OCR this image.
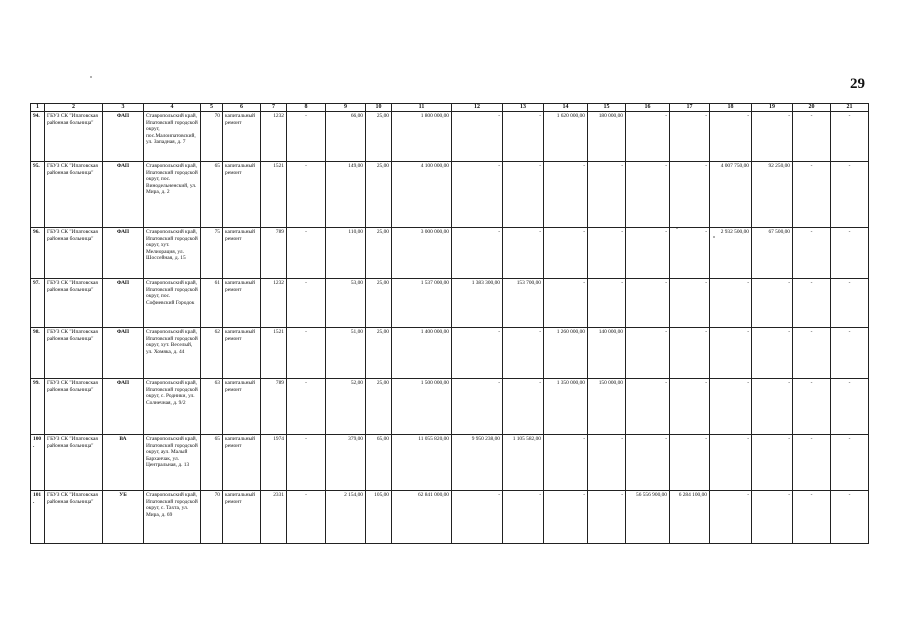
29
1	2	3	4	5	6	7	8	9	10	11	12	13	14	15	16	17	18	19	20	21
94.	ГБУЗ СК "Ипатовская районная больница"	ФАП	Ставропольский край, Ипатовский городской округ, пос.Малоипатовский, ул. Западная, д. 7	70	капитальный ремонт	1232	-	66,00	25,00	1 800 000,00	-	-	1 620 000,00	180 000,00	-	-	-	-	-	-
95.	ГБУЗ СК "Ипатовская районная больница"	ФАП	Ставропольский край, Ипатовский городской округ, пос. Винодельненский, ул. Мира, д. 2	65	капитальный ремонт	1521	-	149,00	25,00	4 100 000,00	-	-	-	-	-	-	4 007 750,00	92 250,00	-	-
96.	ГБУЗ СК "Ипатовская районная больница"	ФАП	Ставропольский край, Ипатовский городской округ, хут. Мелиорация, ул. Шоссейная, д. 15	75	капитальный ремонт	789	-	110,00	25,00	3 000 000,00	-	-	-	-	-	-	2 932 500,00	67 500,00	-	-
97.	ГБУЗ СК "Ипатовская районная больница"	ФАП	Ставропольский край, Ипатовский городской округ, пос. Софиевский Городок	61	капитальный ремонт	1232	-	53,00	25,00	1 537 000,00	1 383 300,00	153 700,00	-	-	-	-	-	-	-	-
98.	ГБУЗ СК "Ипатовская районная больница"	ФАП	Ставропольский край, Ипатовский городской округ, хут. Веселый, ул. Хомяка, д. 44	62	капитальный ремонт	1521	-	51,00	25,00	1 400 000,00	-	-	1 260 000,00	140 000,00	-	-	-	-	-	-
99.	ГБУЗ СК "Ипатовская районная больница"	ФАП	Ставропольский край, Ипатовский городской округ, с. Родники, ул. Солнечная, д. 9/2	63	капитальный ремонт	789	-	52,00	25,00	1 500 000,00	-	-	1 350 000,00	150 000,00	-	-	-	-	-	-
100.	ГБУЗ СК "Ипатовская районная больница"	ВА	Ставропольский край, Ипатовский городской округ, аул. Малый Барханчак, ул. Центральная, д. 13	65	капитальный ремонт	1974	-	379,00	65,00	11 055 820,00	9 950 238,00	1 105 582,00	-	-	-	-	-	-	-	-
101.	ГБУЗ СК "Ипатовская районная больница"	УБ	Ставропольский край, Ипатовский городской округ, с. Тахта, ул. Мира, д. 69	70	капитальный ремонт	2331	-	2 154,00	105,00	62 841 000,00	-	-	-	-	56 556 900,00	6 284 100,00	-	-	-	-
